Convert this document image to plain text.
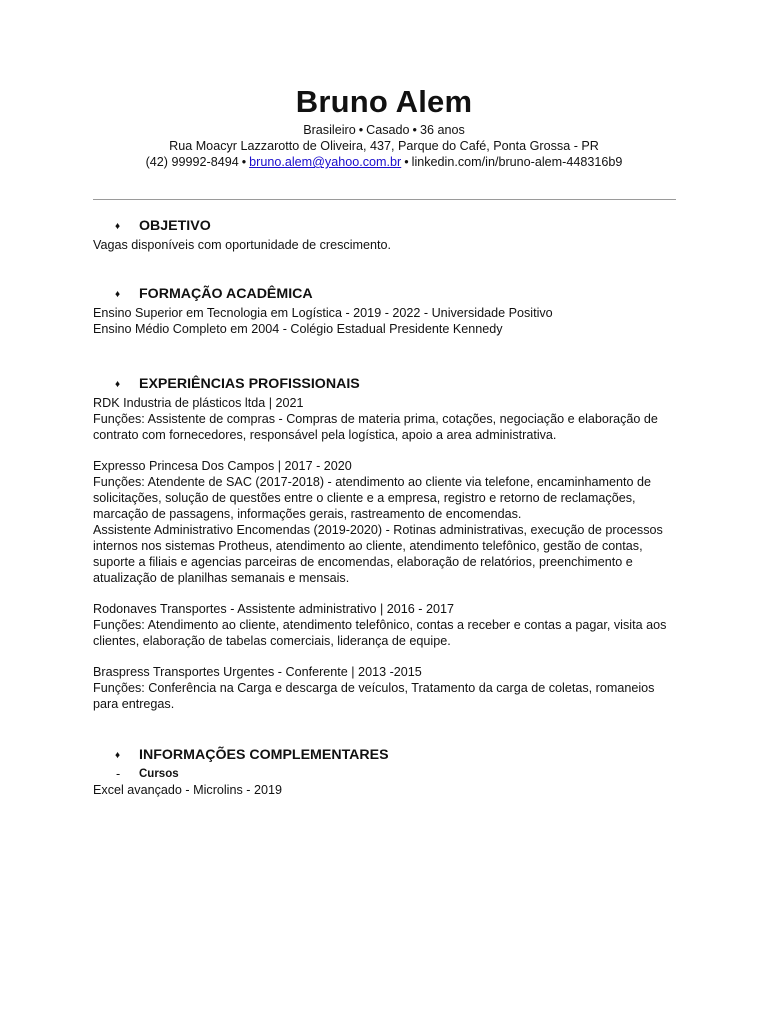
Bruno Alem
Brasileiro • Casado • 36 anos
Rua Moacyr Lazzarotto de Oliveira, 437, Parque do Café, Ponta Grossa - PR
(42) 99992-8494 • bruno.alem@yahoo.com.br • linkedin.com/in/bruno-alem-448316b9
♦ OBJETIVO
Vagas disponíveis com oportunidade de crescimento.
♦ FORMAÇÃO ACADÊMICA
Ensino Superior em Tecnologia em Logística - 2019 - 2022 - Universidade Positivo
Ensino Médio Completo em 2004 - Colégio Estadual Presidente Kennedy
♦ EXPERIÊNCIAS PROFISSIONAIS
RDK Industria de plásticos ltda | 2021
Funções: Assistente de compras - Compras de materia prima, cotações, negociação e elaboração de contrato com fornecedores, responsável pela logística, apoio a area administrativa.
Expresso Princesa Dos Campos | 2017 - 2020
Funções: Atendente de SAC (2017-2018) - atendimento ao cliente via telefone, encaminhamento de solicitações, solução de questões entre o cliente e a empresa, registro e retorno de reclamações, marcação de passagens, informações gerais, rastreamento de encomendas.
Assistente Administrativo Encomendas (2019-2020) - Rotinas administrativas, execução de processos internos nos sistemas Protheus, atendimento ao cliente, atendimento telefônico, gestão de contas, suporte a filiais e agencias parceiras de encomendas, elaboração de relatórios, preenchimento e atualização de planilhas semanais e mensais.
Rodonaves Transportes - Assistente administrativo | 2016 - 2017
Funções: Atendimento ao cliente, atendimento telefônico, contas a receber e contas a pagar, visita aos clientes, elaboração de tabelas comerciais, liderança de equipe.
Braspress Transportes Urgentes - Conferente | 2013 -2015
Funções: Conferência na Carga e descarga de veículos, Tratamento da carga de coletas, romaneios para entregas.
♦ INFORMAÇÕES COMPLEMENTARES
- Cursos
Excel avançado - Microlins - 2019
